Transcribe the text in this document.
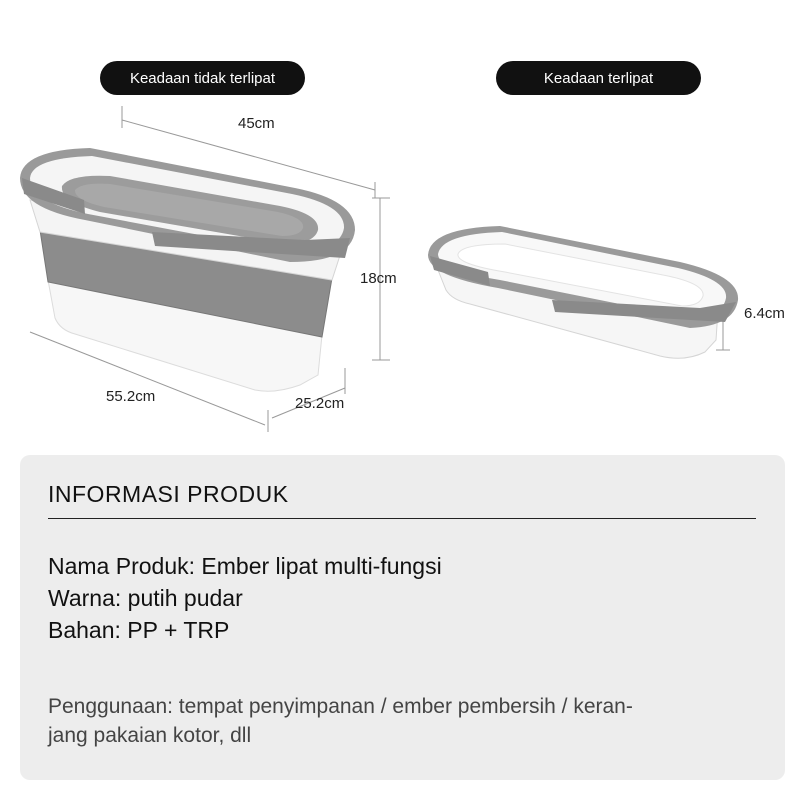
Keadaan tidak terlipat	Keadaan terlipat
45cm
18cm
55.2cm	25.2cm
6.4cm
INFORMASI PRODUK
Nama Produk: Ember lipat multi-fungsi
Warna: putih pudar
Bahan: PP + TRP
Penggunaan: tempat penyimpanan / ember pembersih / keran-
jang pakaian kotor, dll
